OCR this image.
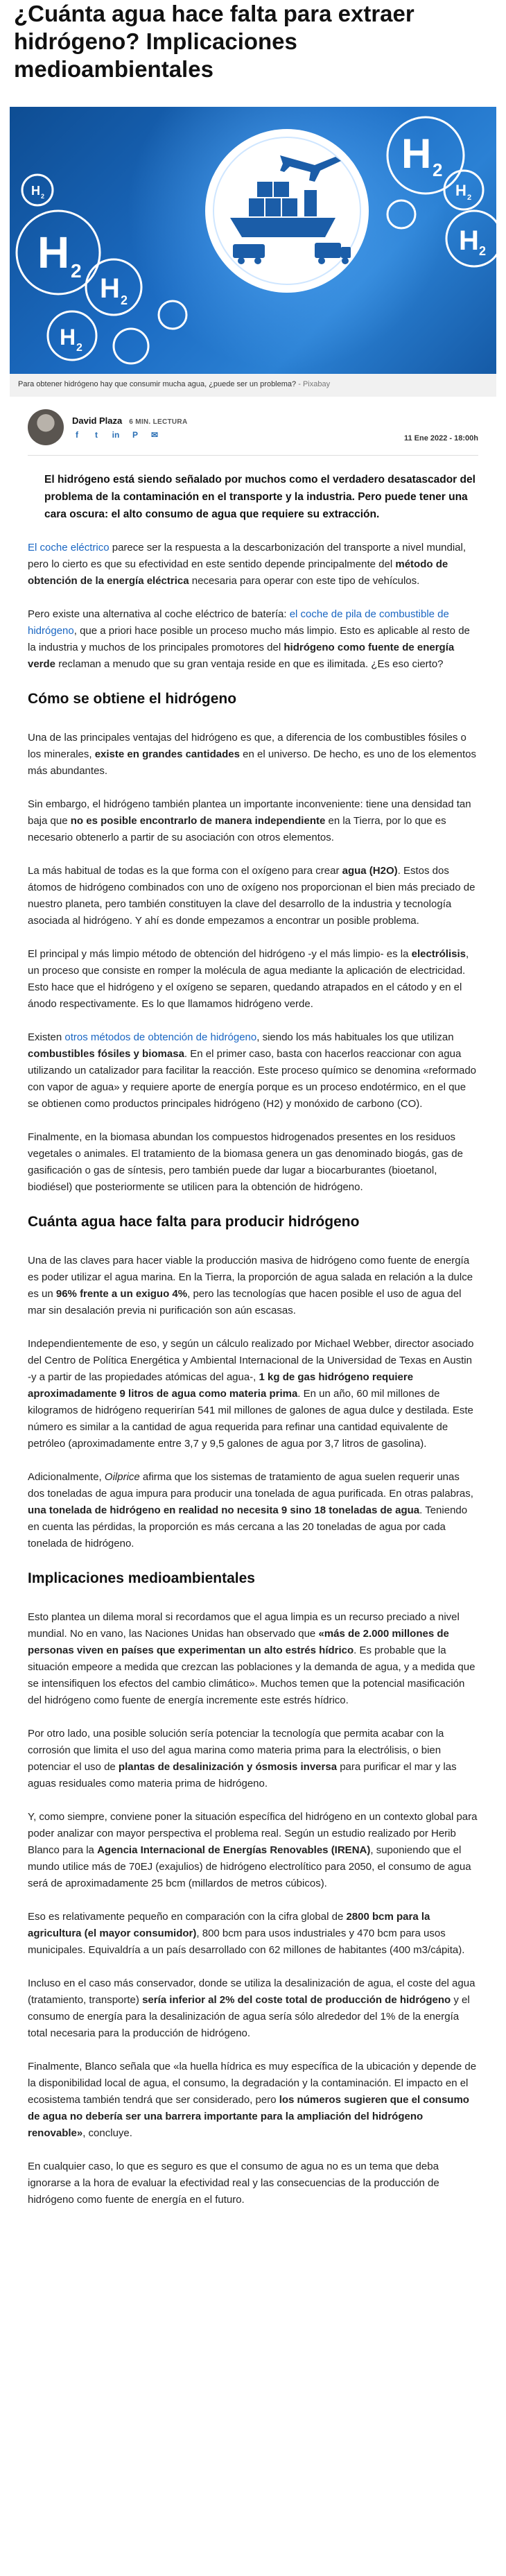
¿Cuánta agua hace falta para extraer hidrógeno? Implicaciones medioambientales
H 2
H 2
H 2
H 2
H 2
H 2
H 2
Para obtener hidrógeno hay que consumir mucha agua, ¿puede ser un problema? - Pixabay
David Plaza 6 MIN. LECTURA
f	t	in P ✉	11 Ene 2022 - 18:00h

El hidrógeno está siendo señalado por muchos como el verdadero desatascador del problema de la contaminación en el transporte y la industria. Pero puede tener una cara oscura: el alto consumo de agua que requiere su extracción.

El coche eléctrico parece ser la respuesta a la descarbonización del transporte a nivel mundial, pero lo cierto es que su efectividad en este sentido depende principalmente del método de obtención de la energía eléctrica necesaria para operar con este tipo de vehículos.

Pero existe una alternativa al coche eléctrico de batería: el coche de pila de combustible de hidrógeno, que a priori hace posible un proceso mucho más limpio. Esto es aplicable al resto de la industria y muchos de los principales promotores del hidrógeno como fuente de energía verde reclaman a menudo que su gran ventaja reside en que es ilimitada. ¿Es eso cierto?

Cómo se obtiene el hidrógeno

Una de las principales ventajas del hidrógeno es que, a diferencia de los combustibles fósiles o los minerales, existe en grandes cantidades en el universo. De hecho, es uno de los elementos más abundantes.

Sin embargo, el hidrógeno también plantea un importante inconveniente: tiene una densidad tan baja que no es posible encontrarlo de manera independiente en la Tierra, por lo que es necesario obtenerlo a partir de su asociación con otros elementos.

La más habitual de todas es la que forma con el oxígeno para crear agua (H2O). Estos dos átomos de hidrógeno combinados con uno de oxígeno nos proporcionan el bien más preciado de nuestro planeta, pero también constituyen la clave del desarrollo de la industria y tecnología asociada al hidrógeno. Y ahí es donde empezamos a encontrar un posible problema.

El principal y más limpio método de obtención del hidrógeno -y el más limpio- es la electrólisis, un proceso que consiste en romper la molécula de agua mediante la aplicación de electricidad. Esto hace que el hidrógeno y el oxígeno se separen, quedando atrapados en el cátodo y en el ánodo respectivamente. Es lo que llamamos hidrógeno verde.

Existen otros métodos de obtención de hidrógeno, siendo los más habituales los que utilizan combustibles fósiles y biomasa. En el primer caso, basta con hacerlos reaccionar con agua utilizando un catalizador para facilitar la reacción. Este proceso químico se denomina «reformado con vapor de agua» y requiere aporte de energía porque es un proceso endotérmico, en el que se obtienen como productos principales hidrógeno (H2) y monóxido de carbono (CO).

Finalmente, en la biomasa abundan los compuestos hidrogenados presentes en los residuos vegetales o animales. El tratamiento de la biomasa genera un gas denominado biogás, gas de gasificación o gas de síntesis, pero también puede dar lugar a biocarburantes (bioetanol, biodiésel) que posteriormente se utilicen para la obtención de hidrógeno.

Cuánta agua hace falta para producir hidrógeno

Una de las claves para hacer viable la producción masiva de hidrógeno como fuente de energía es poder utilizar el agua marina. En la Tierra, la proporción de agua salada en relación a la dulce es un 96% frente a un exiguo 4%, pero las tecnologías que hacen posible el uso de agua del mar sin desalación previa ni purificación son aún escasas.

Independientemente de eso, y según un cálculo realizado por Michael Webber, director asociado del Centro de Política Energética y Ambiental Internacional de la Universidad de Texas en Austin -y a partir de las propiedades atómicas del agua-, 1 kg de gas hidrógeno requiere aproximadamente 9 litros de agua como materia prima. En un año, 60 mil millones de kilogramos de hidrógeno requerirían 541 mil millones de galones de agua dulce y destilada. Este número es similar a la cantidad de agua requerida para refinar una cantidad equivalente de petróleo (aproximadamente entre 3,7 y 9,5 galones de agua por 3,7 litros de gasolina).

Adicionalmente, Oilprice afirma que los sistemas de tratamiento de agua suelen requerir unas dos toneladas de agua impura para producir una tonelada de agua purificada. En otras palabras, una tonelada de hidrógeno en realidad no necesita 9 sino 18 toneladas de agua. Teniendo en cuenta las pérdidas, la proporción es más cercana a las 20 toneladas de agua por cada tonelada de hidrógeno.

Implicaciones medioambientales

Esto plantea un dilema moral si recordamos que el agua limpia es un recurso preciado a nivel mundial. No en vano, las Naciones Unidas han observado que «más de 2.000 millones de personas viven en países que experimentan un alto estrés hídrico. Es probable que la situación empeore a medida que crezcan las poblaciones y la demanda de agua, y a medida que se intensifiquen los efectos del cambio climático». Muchos temen que la potencial masificación del hidrógeno como fuente de energía incremente este estrés hídrico.

Por otro lado, una posible solución sería potenciar la tecnología que permita acabar con la corrosión que limita el uso del agua marina como materia prima para la electrólisis, o bien potenciar el uso de plantas de desalinización y ósmosis inversa para purificar el mar y las aguas residuales como materia prima de hidrógeno.

Y, como siempre, conviene poner la situación específica del hidrógeno en un contexto global para poder analizar con mayor perspectiva el problema real. Según un estudio realizado por Herib Blanco para la Agencia Internacional de Energías Renovables (IRENA), suponiendo que el mundo utilice más de 70EJ (exajulios) de hidrógeno electrolítico para 2050, el consumo de agua será de aproximadamente 25 bcm (millardos de metros cúbicos).

Eso es relativamente pequeño en comparación con la cifra global de 2800 bcm para la agricultura (el mayor consumidor), 800 bcm para usos industriales y 470 bcm para usos municipales. Equivaldría a un país desarrollado con 62 millones de habitantes (400 m3/cápita).

Incluso en el caso más conservador, donde se utiliza la desalinización de agua, el coste del agua (tratamiento, transporte) sería inferior al 2% del coste total de producción de hidrógeno y el consumo de energía para la desalinización de agua sería sólo alrededor del 1% de la energía total necesaria para la producción de hidrógeno.

Finalmente, Blanco señala que «la huella hídrica es muy específica de la ubicación y depende de la disponibilidad local de agua, el consumo, la degradación y la contaminación. El impacto en el ecosistema también tendrá que ser considerado, pero los números sugieren que el consumo de agua no debería ser una barrera importante para la ampliación del hidrógeno renovable», concluye.

En cualquier caso, lo que es seguro es que el consumo de agua no es un tema que deba ignorarse a la hora de evaluar la efectividad real y las consecuencias de la producción de hidrógeno como fuente de energía en el futuro.
